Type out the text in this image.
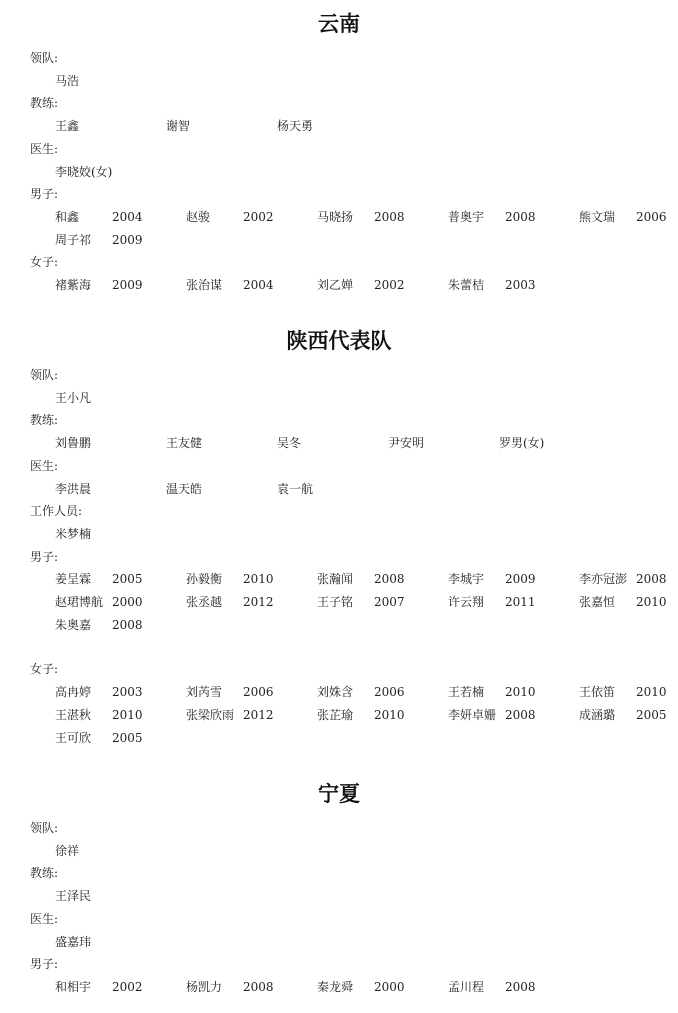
云南
领队:
马浩
教练:
王鑫	谢智	杨天勇
医生:
李晓姣(女)
男子:
和鑫	2004	赵骏	2002	马晓扬 2008	普奥宇 2008	熊文瑞 2006
周子祁 2009
女子:
褚紫海 2009	张治谋 2004	刘乙婵 2002	朱蕾桔 2003
陕西代表队
领队:
王小凡
教练:
刘鲁鹏	王友健	吴冬	尹安明	罗男(女)
医生:
李洪晨	温天皓	袁一航
工作人员:
米梦楠
男子:
姜呈霖 2005	孙毅衡 2010	张瀚闻 2008	李城宇 2009	李亦冠澎 2008
赵珺博航 2000	张丞越 2012	王子铭 2007	许云翔 2011	张嘉恒 2010
朱奥嘉 2008
女子:
高冉婷 2003	刘芮雪 2006	刘姝含 2006	王若楠 2010	王依笛 2010
王湛秋 2010	张梁欣雨 2012	张芷瑜 2010	李妍卓姗 2008	成涵璐 2005
王可欣 2005
宁夏
领队:
徐祥
教练:
王泽民
医生:
盛嘉玮
男子:
和相宇 2002	杨凯力 2008	秦龙舜 2000	孟川程 2008
